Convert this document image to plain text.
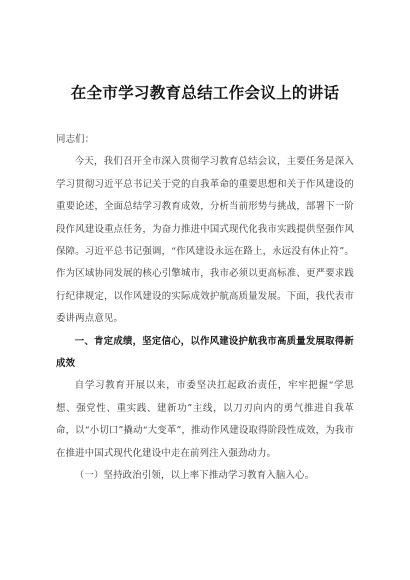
在全市学习教育总结工作会议上的讲话

同志们：

今天，我们召开全市深入贯彻学习教育总结会议，主要任务是深入学习贯彻习近平总书记关于党的自我革命的重要思想和关于作风建设的重要论述，全面总结学习教育成效，分析当前形势与挑战，部署下一阶段作风建设重点任务，为奋力推进中国式现代化我市实践提供坚强作风保障。习近平总书记强调，“作风建设永远在路上，永远没有休止符”。作为区域协同发展的核心引擎城市，我市必须以更高标准、更严要求践行纪律规定，以作风建设的实际成效护航高质量发展。下面，我代表市委讲两点意见。

一、肯定成绩，坚定信心，以作风建设护航我市高质量发展取得新成效

自学习教育开展以来，市委坚决扛起政治责任，牢牢把握“学思想、强党性、重实践、建新功”主线，以刀刃向内的勇气推进自我革命，以“小切口”撬动“大变革”，推动作风建设取得阶段性成效，为我市在推进中国式现代化建设中走在前列注入强劲动力。

（一）坚持政治引领，以上率下推动学习教育入脑入心。
